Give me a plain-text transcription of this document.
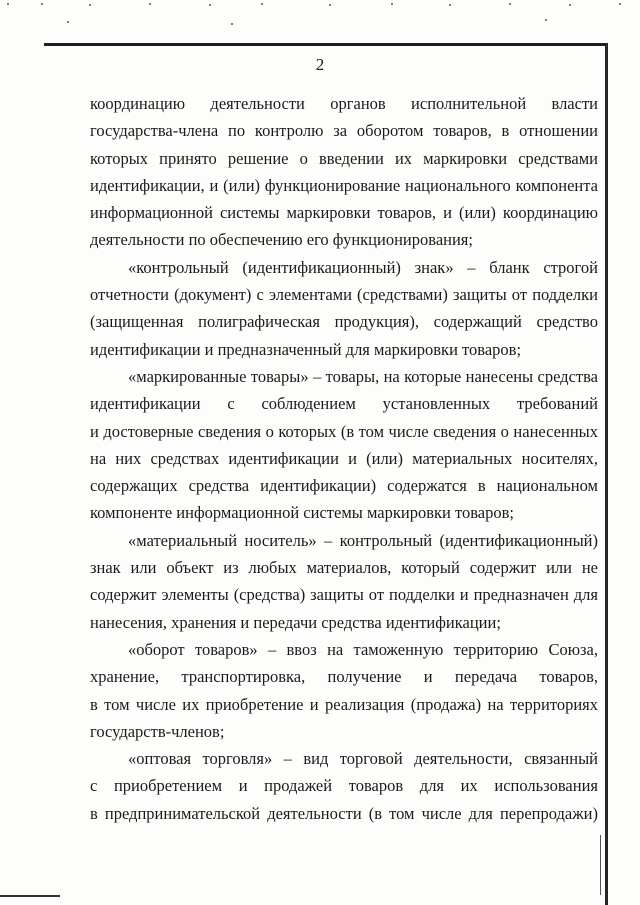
2
координацию деятельности органов исполнительной власти
государства-члена по контролю за оборотом товаров, в отношении
которых принято решение о введении их маркировки средствами
идентификации, и (или) функционирование национального компонента
информационной системы маркировки товаров, и (или) координацию
деятельности по обеспечению его функционирования;
«контрольный (идентификационный) знак» – бланк строгой
отчетности (документ) с элементами (средствами) защиты от подделки
(защищенная полиграфическая продукция), содержащий средство
идентификации и предназначенный для маркировки товаров;
«маркированные товары» – товары, на которые нанесены средства
идентификации с соблюдением установленных требований
и достоверные сведения о которых (в том числе сведения о нанесенных
на них средствах идентификации и (или) материальных носителях,
содержащих средства идентификации) содержатся в национальном
компоненте информационной системы маркировки товаров;
«материальный носитель» – контрольный (идентификационный)
знак или объект из любых материалов, который содержит или не
содержит элементы (средства) защиты от подделки и предназначен для
нанесения, хранения и передачи средства идентификации;
«оборот товаров» – ввоз на таможенную территорию Союза,
хранение, транспортировка, получение и передача товаров,
в том числе их приобретение и реализация (продажа) на территориях
государств-членов;
«оптовая торговля» – вид торговой деятельности, связанный
с приобретением и продажей товаров для их использования
в предпринимательской деятельности (в том числе для перепродажи)
